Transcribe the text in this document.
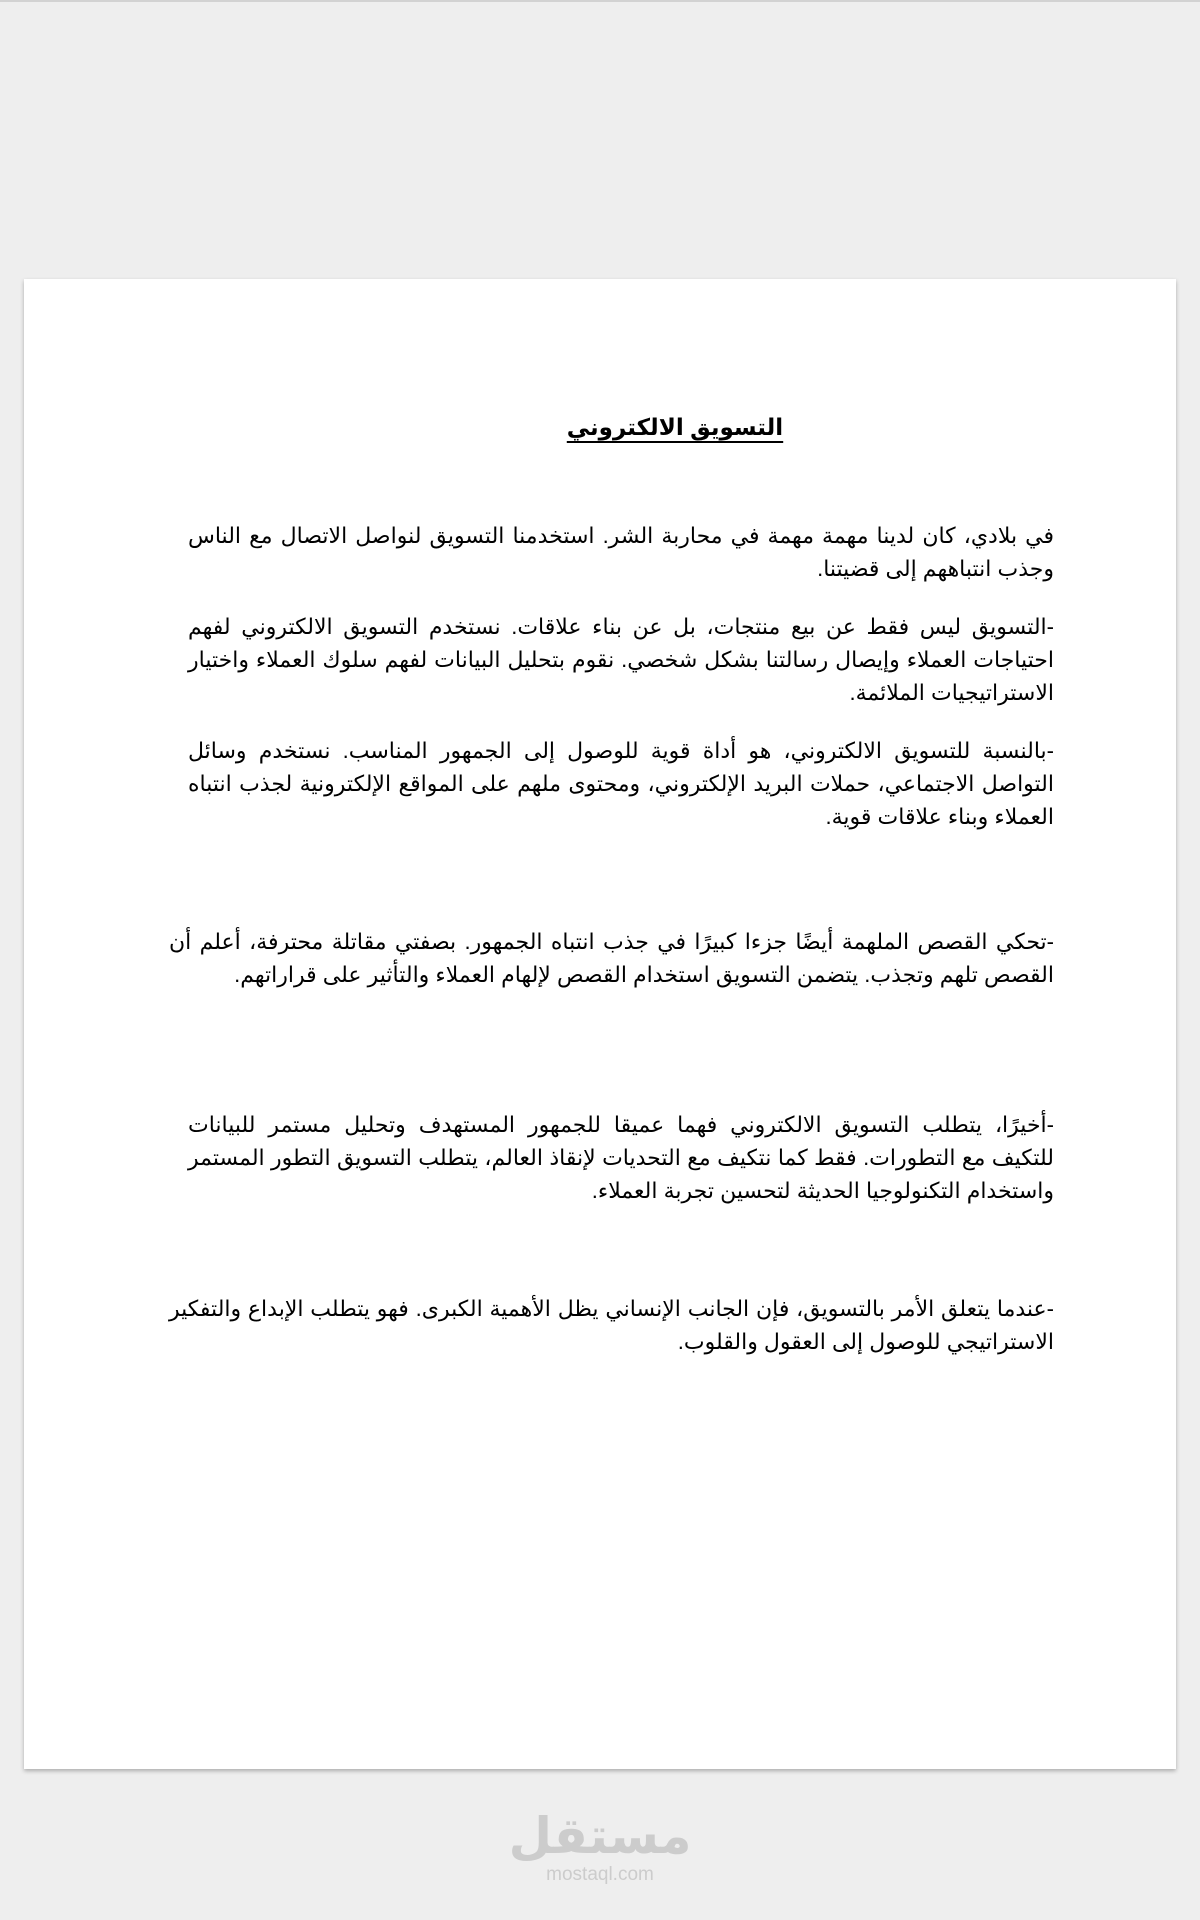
التسويق الالكتروني

في بلادي، كان لدينا مهمة مهمة في محاربة الشر. استخدمنا التسويق لنواصل الاتصال مع الناس وجذب انتباههم إلى قضيتنا.

-التسويق ليس فقط عن بيع منتجات، بل عن بناء علاقات. نستخدم التسويق الالكتروني لفهم احتياجات العملاء وإيصال رسالتنا بشكل شخصي. نقوم بتحليل البيانات لفهم سلوك العملاء واختيار الاستراتيجيات الملائمة.

-بالنسبة للتسويق الالكتروني، هو أداة قوية للوصول إلى الجمهور المناسب. نستخدم وسائل التواصل الاجتماعي، حملات البريد الإلكتروني، ومحتوى ملهم على المواقع الإلكترونية لجذب انتباه العملاء وبناء علاقات قوية.

-تحكي القصص الملهمة أيضًا جزءا كبيرًا في جذب انتباه الجمهور. بصفتي مقاتلة محترفة، أعلم أن القصص تلهم وتجذب. يتضمن التسويق استخدام القصص لإلهام العملاء والتأثير على قراراتهم.

-أخيرًا، يتطلب التسويق الالكتروني فهما عميقا للجمهور المستهدف وتحليل مستمر للبيانات للتكيف مع التطورات. فقط كما نتكيف مع التحديات لإنقاذ العالم، يتطلب التسويق التطور المستمر واستخدام التكنولوجيا الحديثة لتحسين تجربة العملاء.

-عندما يتعلق الأمر بالتسويق، فإن الجانب الإنساني يظل الأهمية الكبرى. فهو يتطلب الإبداع والتفكير الاستراتيجي للوصول إلى العقول والقلوب.

مستقل
mostaql.com
